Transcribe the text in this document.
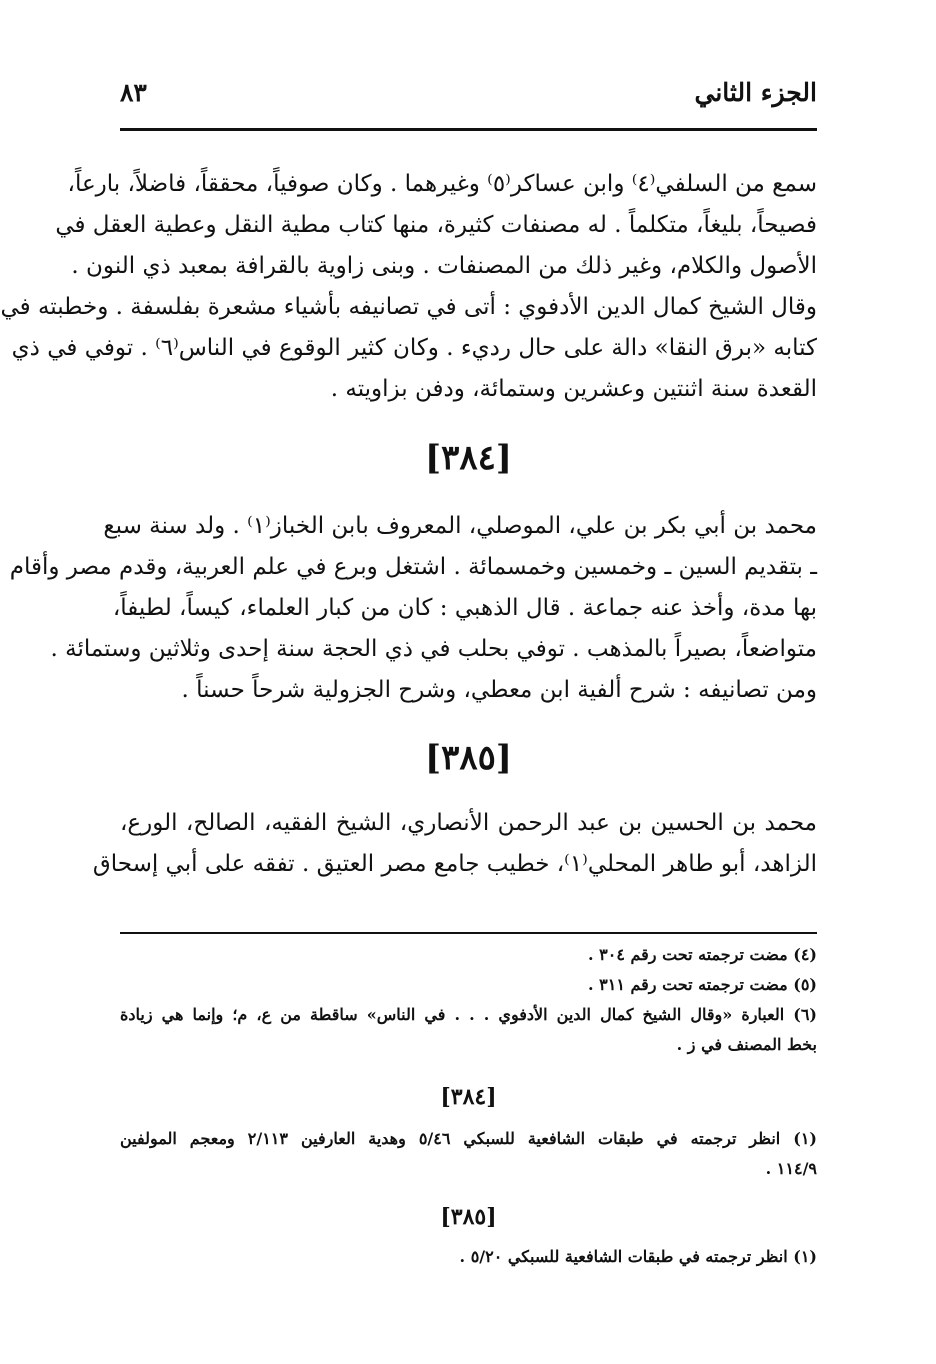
الجزء الثاني
٨٣
سمع من السلفي⁽٤⁾ وابن عساكر⁽٥⁾ وغيرهما . وكان صوفياً، محققاً، فاضلاً، بارعاً،
فصيحاً، بليغاً، متكلماً . له مصنفات كثيرة، منها كتاب مطية النقل وعطية العقل في
الأصول والكلام، وغير ذلك من المصنفات . وبنى زاوية بالقرافة بمعبد ذي النون .
وقال الشيخ كمال الدين الأدفوي : أتى في تصانيفه بأشياء مشعرة بفلسفة . وخطبته في
كتابه «برق النقا» دالة على حال رديء . وكان كثير الوقوع في الناس⁽٦⁾ . توفي في ذي
القعدة سنة اثنتين وعشرين وستمائة، ودفن بزاويته .
[٣٨٤]
محمد بن أبي بكر بن علي، الموصلي، المعروف بابن الخباز⁽١⁾ . ولد سنة سبع
ـ بتقديم السين ـ وخمسين وخمسمائة . اشتغل وبرع في علم العربية، وقدم مصر وأقام
بها مدة، وأخذ عنه جماعة . قال الذهبي : كان من كبار العلماء، كيساً، لطيفاً،
متواضعاً، بصيراً بالمذهب . توفي بحلب في ذي الحجة سنة إحدى وثلاثين وستمائة .
ومن تصانيفه : شرح ألفية ابن معطي، وشرح الجزولية شرحاً حسناً .
[٣٨٥]
محمد بن الحسين بن عبد الرحمن الأنصاري، الشيخ الفقيه، الصالح، الورع،
الزاهد، أبو طاهر المحلي⁽١⁾، خطيب جامع مصر العتيق . تفقه على أبي إسحاق
(٤) مضت ترجمته تحت رقم ٣٠٤ .
(٥) مضت ترجمته تحت رقم ٣١١ .
(٦) العبارة «وقال الشيخ كمال الدين الأدفوي . . . في الناس» ساقطة من ع، م؛ وإنما هي زيادة
بخط المصنف في ز .
[٣٨٤]
(١) انظر ترجمته في طبقات الشافعية للسبكي ٥/٤٦ وهدية العارفين ٢/١١٣ ومعجم المولفين
١١٤/٩ .
[٣٨٥]
(١) انظر ترجمته في طبقات الشافعية للسبكي ٥/٢٠ .
